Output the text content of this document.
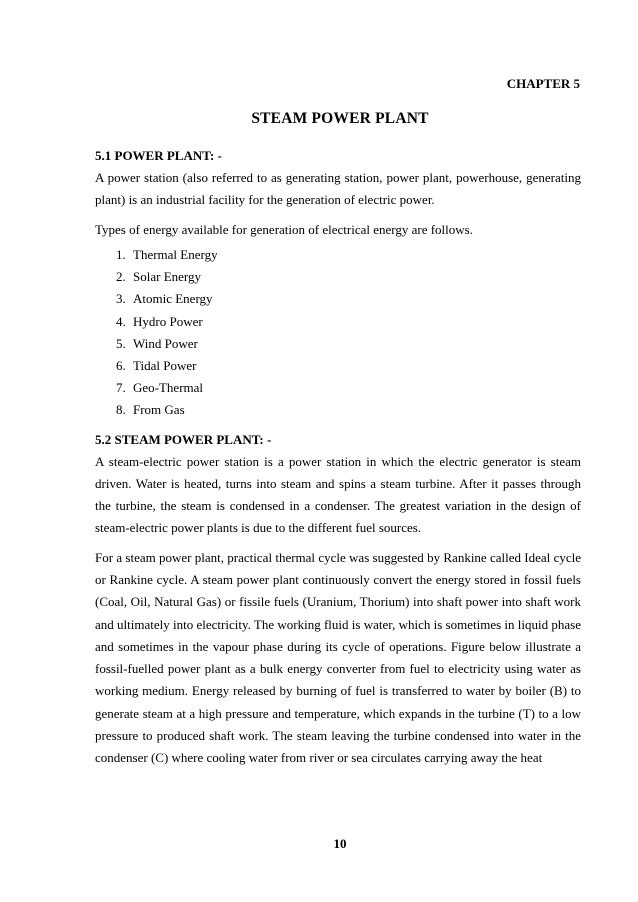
CHAPTER 5
STEAM POWER PLANT
5.1 POWER PLANT: -

A power station (also referred to as generating station, power plant, powerhouse, generating plant) is an industrial facility for the generation of electric power.

Types of energy available for generation of electrical energy are follows.

1. Thermal Energy
2. Solar Energy
3. Atomic Energy
4. Hydro Power
5. Wind Power
6. Tidal Power
7. Geo-Thermal
8. From Gas
5.2 STEAM POWER PLANT: -

A steam-electric power station is a power station in which the electric generator is steam driven. Water is heated, turns into steam and spins a steam turbine. After it passes through the turbine, the steam is condensed in a condenser. The greatest variation in the design of steam-electric power plants is due to the different fuel sources.

For a steam power plant, practical thermal cycle was suggested by Rankine called Ideal cycle or Rankine cycle. A steam power plant continuously convert the energy stored in fossil fuels (Coal, Oil, Natural Gas) or fissile fuels (Uranium, Thorium) into shaft power into shaft work and ultimately into electricity. The working fluid is water, which is sometimes in liquid phase and sometimes in the vapour phase during its cycle of operations. Figure below illustrate a fossil-fuelled power plant as a bulk energy converter from fuel to electricity using water as working medium. Energy released by burning of fuel is transferred to water by boiler (B) to generate steam at a high pressure and temperature, which expands in the turbine (T) to a low pressure to produced shaft work. The steam leaving the turbine condensed into water in the condenser (C) where cooling water from river or sea circulates carrying away the heat

10
